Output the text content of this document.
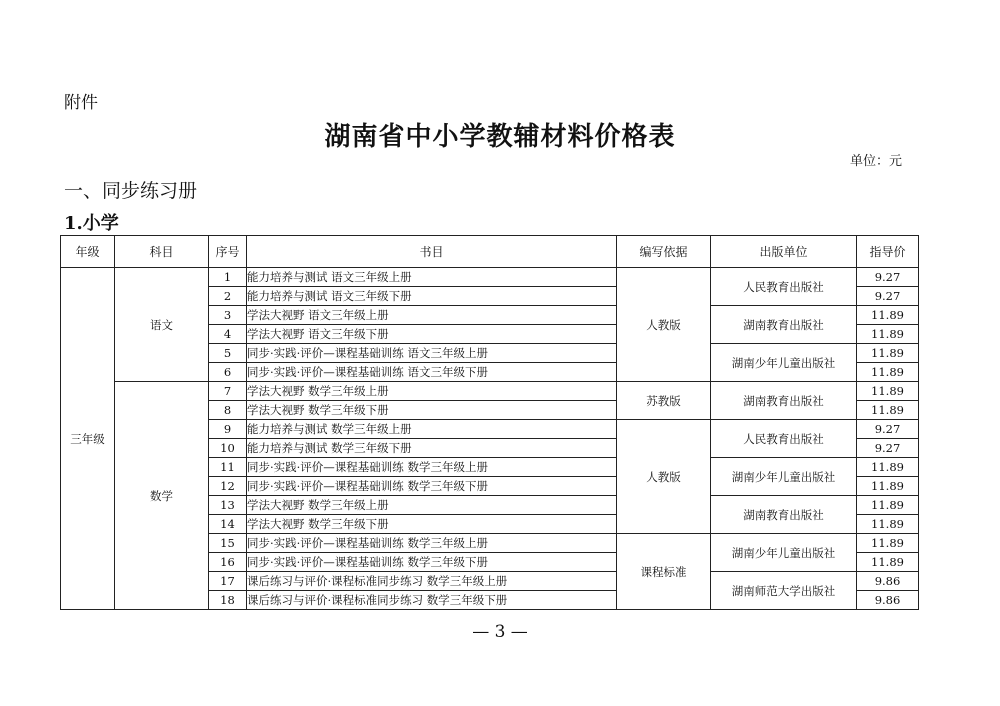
附件
湖南省中小学教辅材料价格表
单位：元
一、同步练习册
1.小学
年级	科目	序号	书目	编写依据	出版单位	指导价
三年级	语文	1	能力培养与测试 语文三年级上册	人教版	人民教育出版社	9.27
		2	能力培养与测试 语文三年级下册			9.27
		3	学法大视野 语文三年级上册		湖南教育出版社	11.89
		4	学法大视野 语文三年级下册			11.89
		5	同步·实践·评价—课程基础训练 语文三年级上册		湖南少年儿童出版社	11.89
		6	同步·实践·评价—课程基础训练 语文三年级下册			11.89
	数学	7	学法大视野 数学三年级上册	苏教版	湖南教育出版社	11.89
		8	学法大视野 数学三年级下册			11.89
		9	能力培养与测试 数学三年级上册	人教版	人民教育出版社	9.27
		10	能力培养与测试 数学三年级下册			9.27
		11	同步·实践·评价—课程基础训练 数学三年级上册		湖南少年儿童出版社	11.89
		12	同步·实践·评价—课程基础训练 数学三年级下册			11.89
		13	学法大视野 数学三年级上册		湖南教育出版社	11.89
		14	学法大视野 数学三年级下册			11.89
		15	同步·实践·评价—课程基础训练 数学三年级上册	课程标准	湖南少年儿童出版社	11.89
		16	同步·实践·评价—课程基础训练 数学三年级下册			11.89
		17	课后练习与评价·课程标准同步练习 数学三年级上册		湖南师范大学出版社	9.86
		18	课后练习与评价·课程标准同步练习 数学三年级下册			9.86
— 3 —
